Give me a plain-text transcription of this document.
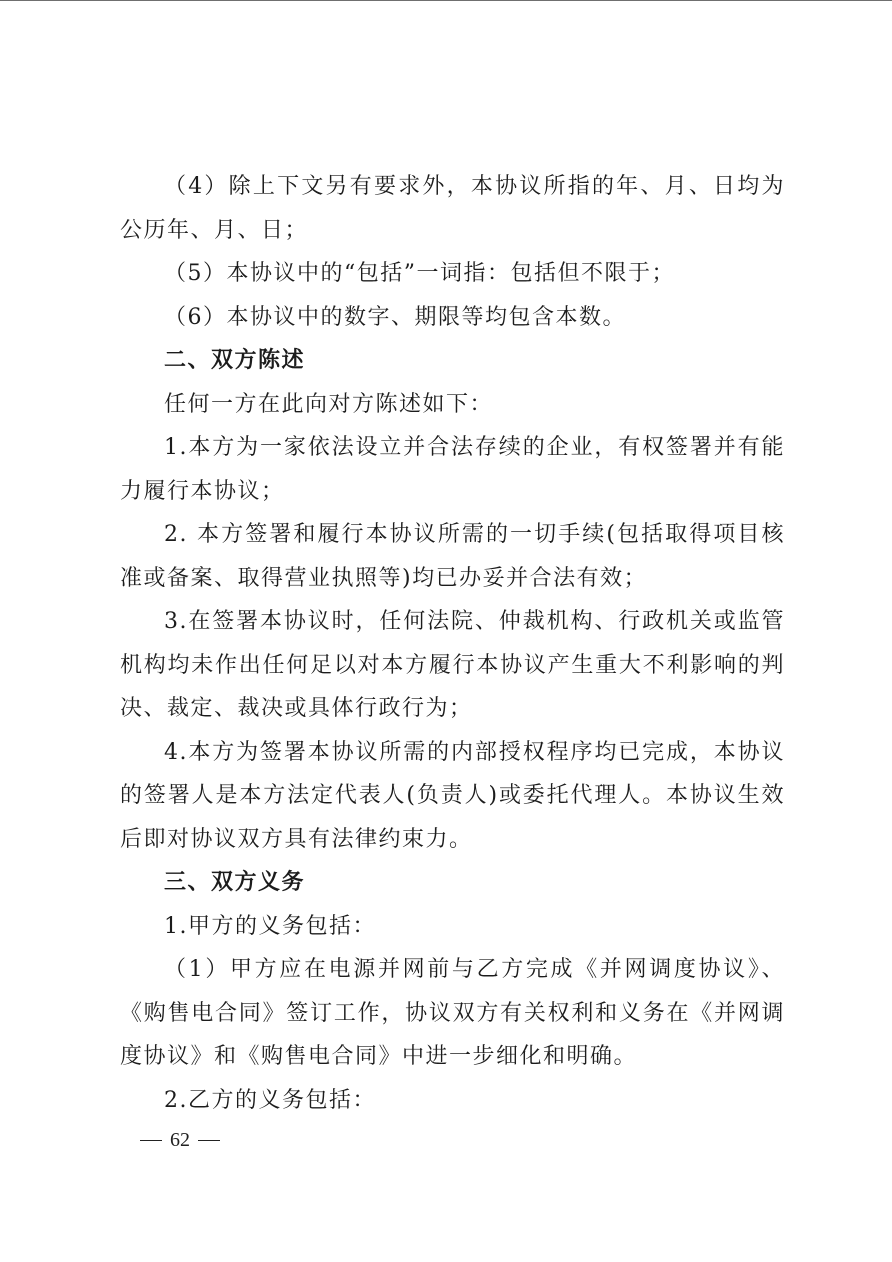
（4）除上下文另有要求外，本协议所指的年、月、日均为公历年、月、日；

（5）本协议中的“包括”一词指：包括但不限于；

（6）本协议中的数字、期限等均包含本数。

二、双方陈述

任何一方在此向对方陈述如下：

1.本方为一家依法设立并合法存续的企业，有权签署并有能力履行本协议；

2. 本方签署和履行本协议所需的一切手续(包括取得项目核准或备案、取得营业执照等)均已办妥并合法有效；

3.在签署本协议时，任何法院、仲裁机构、行政机关或监管机构均未作出任何足以对本方履行本协议产生重大不利影响的判决、裁定、裁决或具体行政行为；

4.本方为签署本协议所需的内部授权程序均已完成，本协议的签署人是本方法定代表人(负责人)或委托代理人。本协议生效后即对协议双方具有法律约束力。

三、双方义务

1.甲方的义务包括：

（1）甲方应在电源并网前与乙方完成《并网调度协议》、《购售电合同》签订工作，协议双方有关权利和义务在《并网调度协议》和《购售电合同》中进一步细化和明确。

2.乙方的义务包括：

62
